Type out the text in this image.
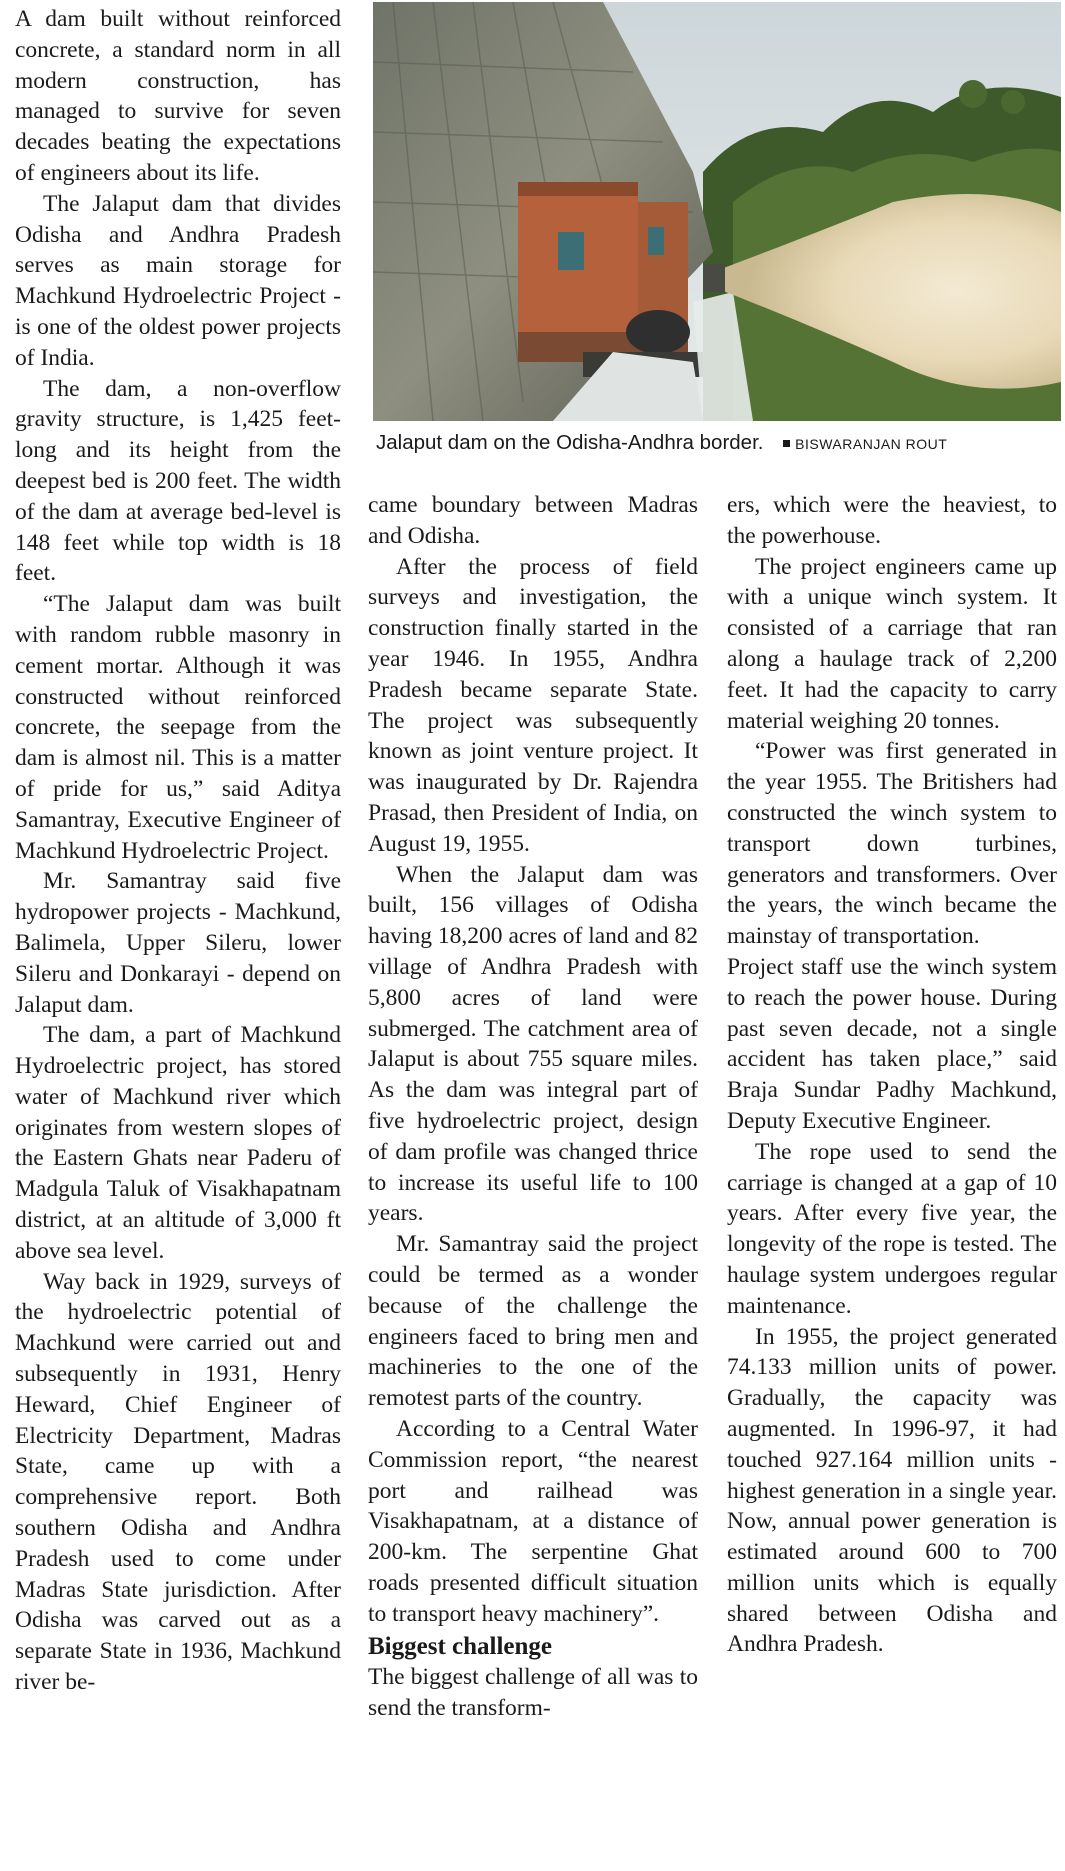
A dam built without reinforced concrete, a standard norm in all modern construction, has managed to survive for seven decades beating the expectations of engineers about its life.

The Jalaput dam that divides Odisha and Andhra Pradesh serves as main storage for Machkund Hydroelectric Project - is one of the oldest power projects of India.

The dam, a non-overflow gravity structure, is 1,425 feet-long and its height from the deepest bed is 200 feet. The width of the dam at average bed-level is 148 feet while top width is 18 feet.

“The Jalaput dam was built with random rubble masonry in cement mortar. Although it was constructed without reinforced concrete, the seepage from the dam is almost nil. This is a matter of pride for us,” said Aditya Samantray, Executive Engineer of Machkund Hydroelectric Project.

Mr. Samantray said five hydropower projects - Machkund, Balimela, Upper Sileru, lower Sileru and Donkarayi - depend on Jalaput dam.

The dam, a part of Machkund Hydroelectric project, has stored water of Machkund river which originates from western slopes of the Eastern Ghats near Paderu of Madgula Taluk of Visakhapatnam district, at an altitude of 3,000 ft above sea level.

Way back in 1929, surveys of the hydroelectric potential of Machkund were carried out and subsequently in 1931, Henry Heward, Chief Engineer of Electricity Department, Madras State, came up with a comprehensive report. Both southern Odisha and Andhra Pradesh used to come under Madras State jurisdiction. After Odisha was carved out as a separate State in 1936, Machkund river be-

Jalaput dam on the Odisha-Andhra border. BISWARANJAN ROUT

came boundary between Madras and Odisha.

After the process of field surveys and investigation, the construction finally started in the year 1946. In 1955, Andhra Pradesh became separate State. The project was subsequently known as joint venture project. It was inaugurated by Dr. Rajendra Prasad, then President of India, on August 19, 1955.

When the Jalaput dam was built, 156 villages of Odisha having 18,200 acres of land and 82 village of Andhra Pradesh with 5,800 acres of land were submerged. The catchment area of Jalaput is about 755 square miles. As the dam was integral part of five hydroelectric project, design of dam profile was changed thrice to increase its useful life to 100 years.

Mr. Samantray said the project could be termed as a wonder because of the challenge the engineers faced to bring men and machineries to the one of the remotest parts of the country.

According to a Central Water Commission report, “the nearest port and railhead was Visakhapatnam, at a distance of 200-km. The serpentine Ghat roads presented difficult situation to transport heavy machinery”.

Biggest challenge

The biggest challenge of all was to send the transform-

ers, which were the heaviest, to the powerhouse.

The project engineers came up with a unique winch system. It consisted of a carriage that ran along a haulage track of 2,200 feet. It had the capacity to carry material weighing 20 tonnes.

“Power was first generated in the year 1955. The Britishers had constructed the winch system to transport down turbines, generators and transformers. Over the years, the winch became the mainstay of transportation.

Project staff use the winch system to reach the power house. During past seven decade, not a single accident has taken place,” said Braja Sundar Padhy Machkund, Deputy Executive Engineer.

The rope used to send the carriage is changed at a gap of 10 years. After every five year, the longevity of the rope is tested. The haulage system undergoes regular maintenance.

In 1955, the project generated 74.133 million units of power. Gradually, the capacity was augmented. In 1996-97, it had touched 927.164 million units - highest generation in a single year. Now, annual power generation is estimated around 600 to 700 million units which is equally shared between Odisha and Andhra Pradesh.
